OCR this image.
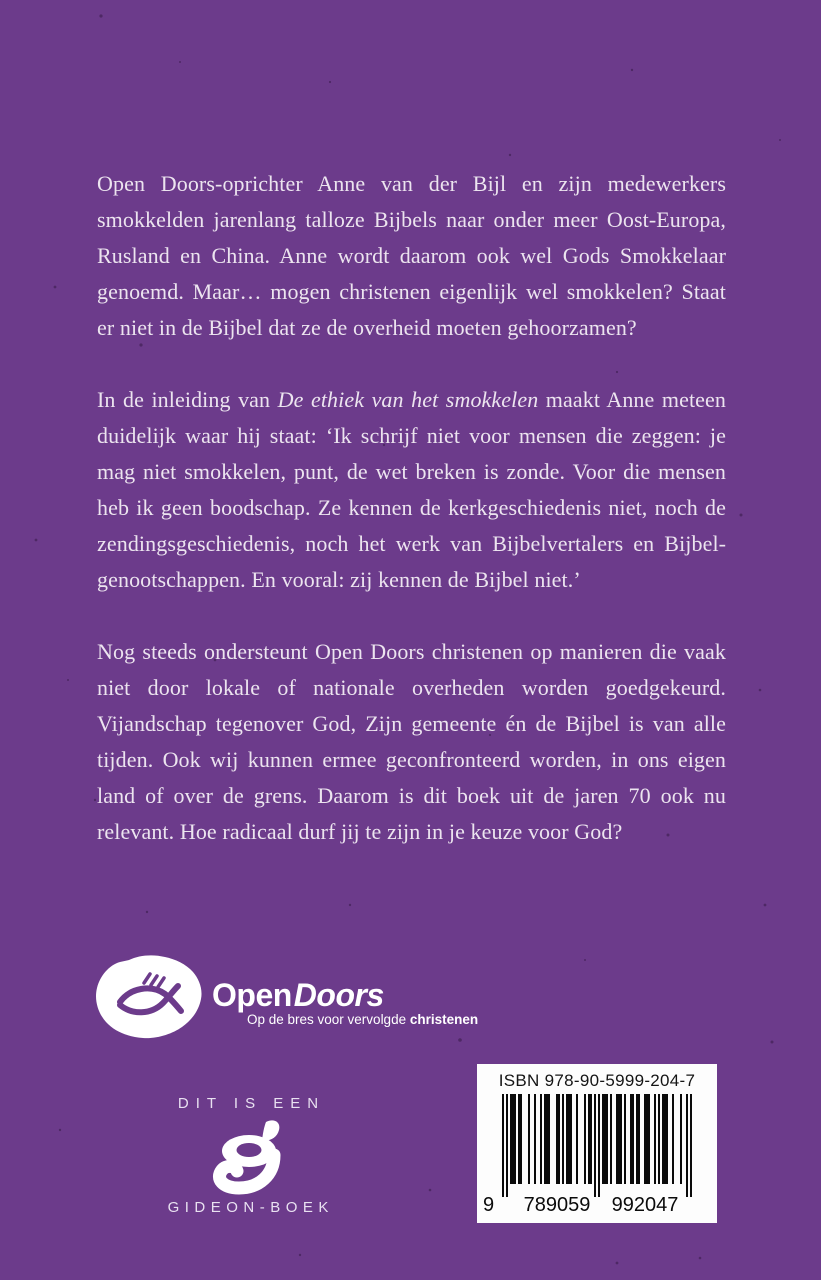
Open Doors-oprichter Anne van der Bijl en zijn medewerkers smokkelden jarenlang talloze Bijbels naar onder meer Oost-Europa, Rusland en China. Anne wordt daarom ook wel Gods Smokkelaar genoemd. Maar… mogen christenen eigenlijk wel smokkelen? Staat er niet in de Bijbel dat ze de overheid moeten gehoorzamen?

In de inleiding van De ethiek van het smokkelen maakt Anne meteen duidelijk waar hij staat: ‘Ik schrijf niet voor mensen die zeggen: je mag niet smokkelen, punt, de wet breken is zonde. Voor die mensen heb ik geen boodschap. Ze kennen de kerkgeschiedenis niet, noch de zendingsgeschiedenis, noch het werk van Bijbelvertalers en Bijbelgenootschappen. En vooral: zij kennen de Bijbel niet.’

Nog steeds ondersteunt Open Doors christenen op manieren die vaak niet door lokale of nationale overheden worden goedgekeurd. Vijandschap tegenover God, Zijn gemeente én de Bijbel is van alle tijden. Ook wij kunnen ermee geconfronteerd worden, in ons eigen land of over de grens. Daarom is dit boek uit de jaren 70 ook nu relevant. Hoe radicaal durf jij te zijn in je keuze voor God?

OpenDoors
Op de bres voor vervolgde christenen
DIT IS EEN
GIDEON-BOEK
ISBN 978-90-5999-204-7
9	789059	992047
